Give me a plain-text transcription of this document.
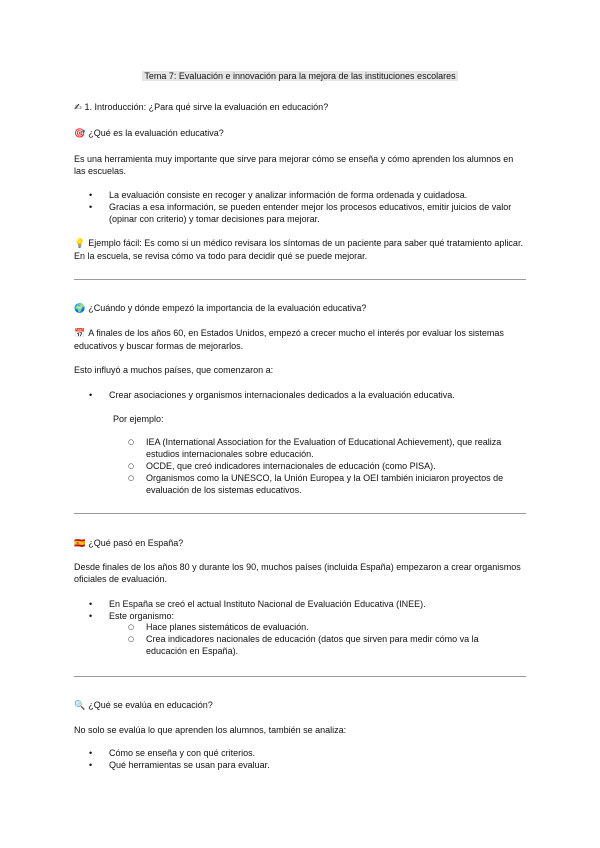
Tema 7: Evaluación e innovación para la mejora de las instituciones escolares
✍ 1. Introducción: ¿Para qué sirve la evaluación en educación?
🎯 ¿Qué es la evaluación educativa?

Es una herramienta muy importante que sirve para mejorar cómo se enseña y cómo aprenden los alumnos en las escuelas.

• La evaluación consiste en recoger y analizar información de forma ordenada y cuidadosa.
• Gracias a esa información, se pueden entender mejor los procesos educativos, emitir juicios de valor (opinar con criterio) y tomar decisiones para mejorar.

💡 Ejemplo fácil: Es como si un médico revisara los síntomas de un paciente para saber qué tratamiento aplicar. En la escuela, se revisa cómo va todo para decidir qué se puede mejorar.

🌍 ¿Cuándo y dónde empezó la importancia de la evaluación educativa?

📅 A finales de los años 60, en Estados Unidos, empezó a crecer mucho el interés por evaluar los sistemas educativos y buscar formas de mejorarlos.

Esto influyó a muchos países, que comenzaron a:

• Crear asociaciones y organismos internacionales dedicados a la evaluación educativa.

Por ejemplo:

○ IEA (International Association for the Evaluation of Educational Achievement), que realiza estudios internacionales sobre educación.
○ OCDE, que creó indicadores internacionales de educación (como PISA).
○ Organismos como la UNESCO, la Unión Europea y la OEI también iniciaron proyectos de evaluación de los sistemas educativos.
🇪🇸 ¿Qué pasó en España?

Desde finales de los años 80 y durante los 90, muchos países (incluida España) empezaron a crear organismos oficiales de evaluación.

• En España se creó el actual Instituto Nacional de Evaluación Educativa (INEE).
• Este organismo:
○ Hace planes sistemáticos de evaluación.
○ Crea indicadores nacionales de educación (datos que sirven para medir cómo va la educación en España).
🔍 ¿Qué se evalúa en educación?

No solo se evalúa lo que aprenden los alumnos, también se analiza:

• Cómo se enseña y con qué criterios.
• Qué herramientas se usan para evaluar.
